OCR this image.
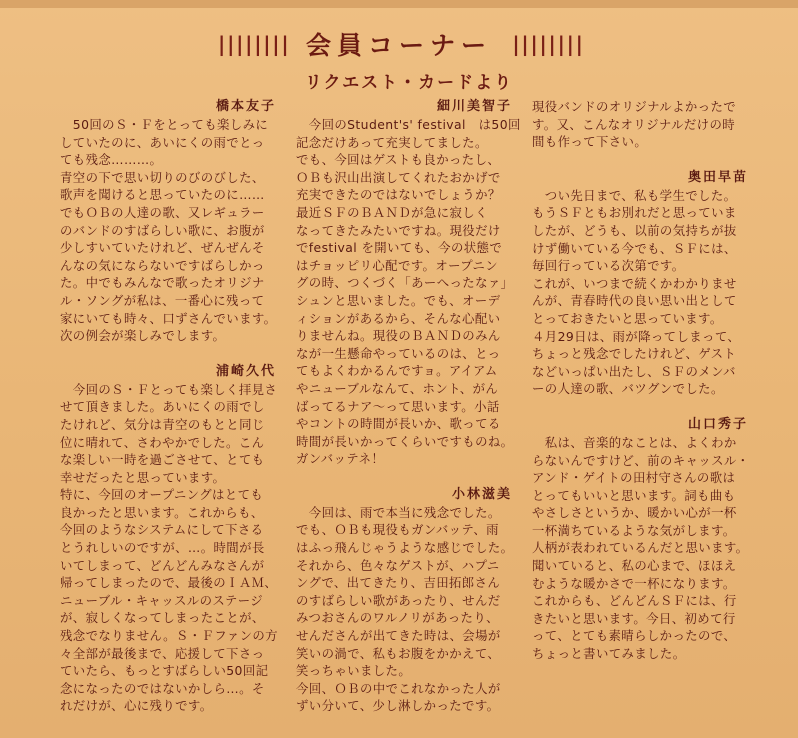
|||||||| 会員コーナー ||||||||
リクエスト・カードより
橋本友子

　50回のＳ・Ｆをとっても楽しみに

していたのに、あいにくの雨でとっ

ても残念………。

青空の下で思い切りのびのびした、

歌声を聞けると思っていたのに……

でもＯＢの人達の歌、又レギュラー

のバンドのすばらしい歌に、お腹が

少しすいていたけれど、ぜんぜんそ

んなの気にならないですばらしかっ

た。中でもみんなで歌ったオリジナ

ル・ソングが私は、一番心に残って

家にいても時々、口ずさんでいます。

次の例会が楽しみでします。

浦崎久代

　今回のＳ・Ｆとっても楽しく拝見さ

せて頂きました。あいにくの雨でし

たけれど、気分は青空のもとと同じ

位に晴れて、さわやかでした。こん

な楽しい一時を過ごさせて、とても

幸せだったと思っています。

特に、今回のオープニングはとても

良かったと思います。これからも、

今回のようなシステムにして下さる

とうれしいのですが、…。時間が長

いてしまって、どんどんみなさんが

帰ってしまったので、最後のＩＡＭ、

ニューブル・キャッスルのステージ

が、寂しくなってしまったことが、

残念でなりません。Ｓ・Ｆファンの方

々全部が最後まで、応援して下さっ

ていたら、もっとすばらしい50回記

念になったのではないかしら…。そ

れだけが、心に残りです。

細川美智子

　今回のStudent's' festival　は50回

記念だけあって充実してました。

でも、今回はゲストも良かったし、

ＯＢも沢山出演してくれたおかげで

充実できたのではないでしょうか？

最近ＳＦのＢＡＮＤが急に寂しく

なってきたみたいですね。現役だけ

でfestival を開いても、今の状態で

はチョッピリ心配です。オープニン

グの時、つくづく「あーへったなァ」

シュンと思いました。でも、オーデ

ィションがあるから、そんな心配い

りませんね。現役のＢＡＮＤのみん

なが一生懸命やっているのは、とっ

てもよくわかるんですョ。アイアム

やニューブルなんて、ホント、がん

ばってるナア〜って思います。小話

やコントの時間が長いか、歌ってる

時間が長いかってくらいですものね。

ガンバッテネ！

小林滋美

　今回は、雨で本当に残念でした。

でも、ＯＢも現役もガンバッテ、雨

はふっ飛んじゃうような感じでした。

それから、色々なゲストが、ハプニ

ングで、出てきたり、吉田拓郎さん

のすばらしい歌があったり、せんだ

みつおさんのワルノリがあったり、

せんださんが出てきた時は、会場が

笑いの渦で、私もお腹をかかえて、

笑っちゃいました。

今回、ＯＢの中でこれなかった人が

ずい分いて、少し淋しかったです。

現役バンドのオリジナルよかったで

す。又、こんなオリジナルだけの時

間も作って下さい。

奥田早苗

　つい先日まで、私も学生でした。

もうＳＦともお別れだと思っていま

したが、どうも、以前の気持ちが抜

けず働いている今でも、ＳＦには、

毎回行っている次第です。

これが、いつまで続くかわかりませ

んが、青春時代の良い思い出として

とっておきたいと思っています。

４月29日は、雨が降ってしまって、

ちょっと残念でしたけれど、ゲスト

などいっぱい出たし、ＳＦのメンバ

ーの人達の歌、バツグンでした。

山口秀子

　私は、音楽的なことは、よくわか

らないんですけど、前のキャッスル・

アンド・ゲイトの田村守さんの歌は

とってもいいと思います。詞も曲も

やさしさというか、暖かい心が一杯

一杯満ちているような気がします。

人柄が表われているんだと思います。

聞いていると、私の心まで、ほほえ

むような暖かさで一杯になります。

これからも、どんどんＳＦには、行

きたいと思います。今日、初めて行

って、とても素晴らしかったので、

ちょっと書いてみました。
